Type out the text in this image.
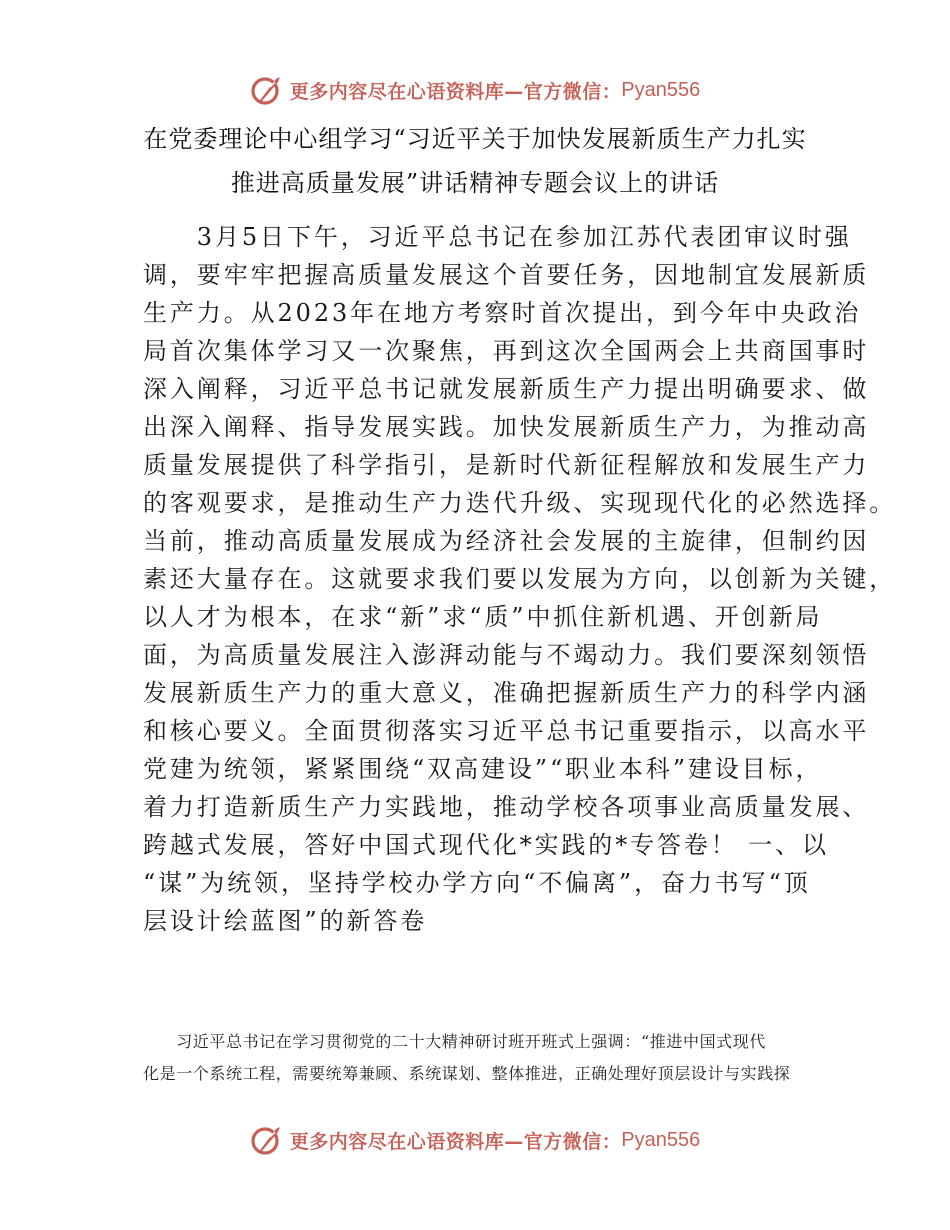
更多内容尽在心语资料库—官方微信： Pyan556
在党委理论中心组学习“习近平关于加快发展新质生产力扎实
推进高质量发展”讲话精神专题会议上的讲话
　　3月5日下午，习近平总书记在参加江苏代表团审议时强
调，要牢牢把握高质量发展这个首要任务，因地制宜发展新质
生产力。从2023年在地方考察时首次提出，到今年中央政治
局首次集体学习又一次聚焦，再到这次全国两会上共商国事时
深入阐释，习近平总书记就发展新质生产力提出明确要求、做
出深入阐释、指导发展实践。加快发展新质生产力，为推动高
质量发展提供了科学指引，是新时代新征程解放和发展生产力
的客观要求，是推动生产力迭代升级、实现现代化的必然选择。
当前，推动高质量发展成为经济社会发展的主旋律，但制约因
素还大量存在。这就要求我们要以发展为方向，以创新为关键，
以人才为根本，在求“新”求“质”中抓住新机遇、开创新局
面，为高质量发展注入澎湃动能与不竭动力。我们要深刻领悟
发展新质生产力的重大意义，准确把握新质生产力的科学内涵
和核心要义。全面贯彻落实习近平总书记重要指示，以高水平
党建为统领，紧紧围绕“双高建设”“职业本科”建设目标，
着力打造新质生产力实践地，推动学校各项事业高质量发展、
跨越式发展，答好中国式现代化*实践的*专答卷！ 一、以
“谋”为统领，坚持学校办学方向“不偏离”，奋力书写“顶
层设计绘蓝图”的新答卷
　　习近平总书记在学习贯彻党的二十大精神研讨班开班式上强调：“推进中国式现代
化是一个系统工程，需要统筹兼顾、系统谋划、整体推进，正确处理好顶层设计与实践探
更多内容尽在心语资料库—官方微信： Pyan556
